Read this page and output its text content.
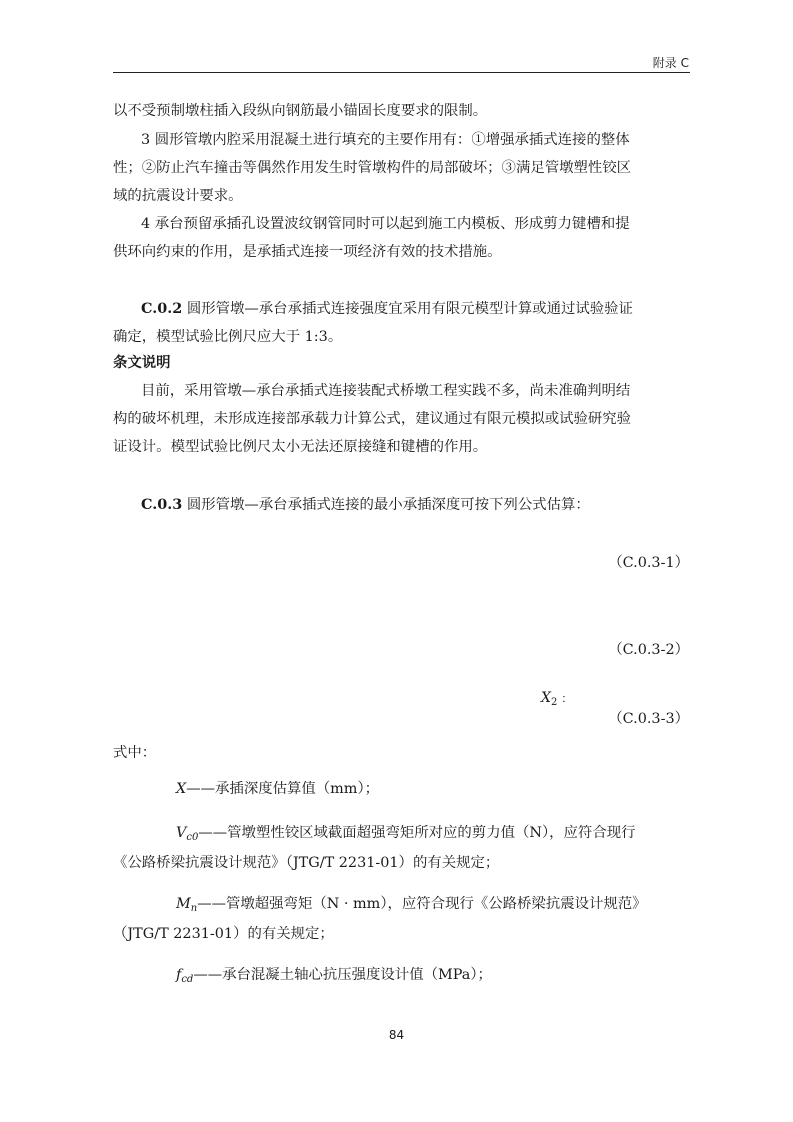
附录 C
以不受预制墩柱插入段纵向钢筋最小锚固长度要求的限制。
3 圆形管墩内腔采用混凝土进行填充的主要作用有：①增强承插式连接的整体
性；②防止汽车撞击等偶然作用发生时管墩构件的局部破坏；③满足管墩塑性铰区
域的抗震设计要求。
4 承台预留承插孔设置波纹钢管同时可以起到施工内模板、形成剪力键槽和提
供环向约束的作用，是承插式连接一项经济有效的技术措施。
C.0.2 圆形管墩—承台承插式连接强度宜采用有限元模型计算或通过试验验证
确定，模型试验比例尺应大于 1:3。
条文说明
目前，采用管墩—承台承插式连接装配式桥墩工程实践不多，尚未准确判明结
构的破坏机理，未形成连接部承载力计算公式，建议通过有限元模拟或试验研究验
证设计。模型试验比例尺太小无法还原接缝和键槽的作用。
C.0.3 圆形管墩—承台承插式连接的最小承插深度可按下列公式估算：
（C.0.3-1）
（C.0.3-2）
$X_2$ ：
（C.0.3-3）
式中：
X——承插深度估算值（mm）；
$V_{c0}——$管墩塑性铰区域截面超强弯矩所对应的剪力值（N），应符合现行
《公路桥梁抗震设计规范》（JTG/T 2231-01）的有关规定；
$M_n——$管墩超强弯矩（N · mm），应符合现行《公路桥梁抗震设计规范》
（JTG/T 2231-01）的有关规定；
$f_{cd}——$承台混凝土轴心抗压强度设计值（MPa）；
84
